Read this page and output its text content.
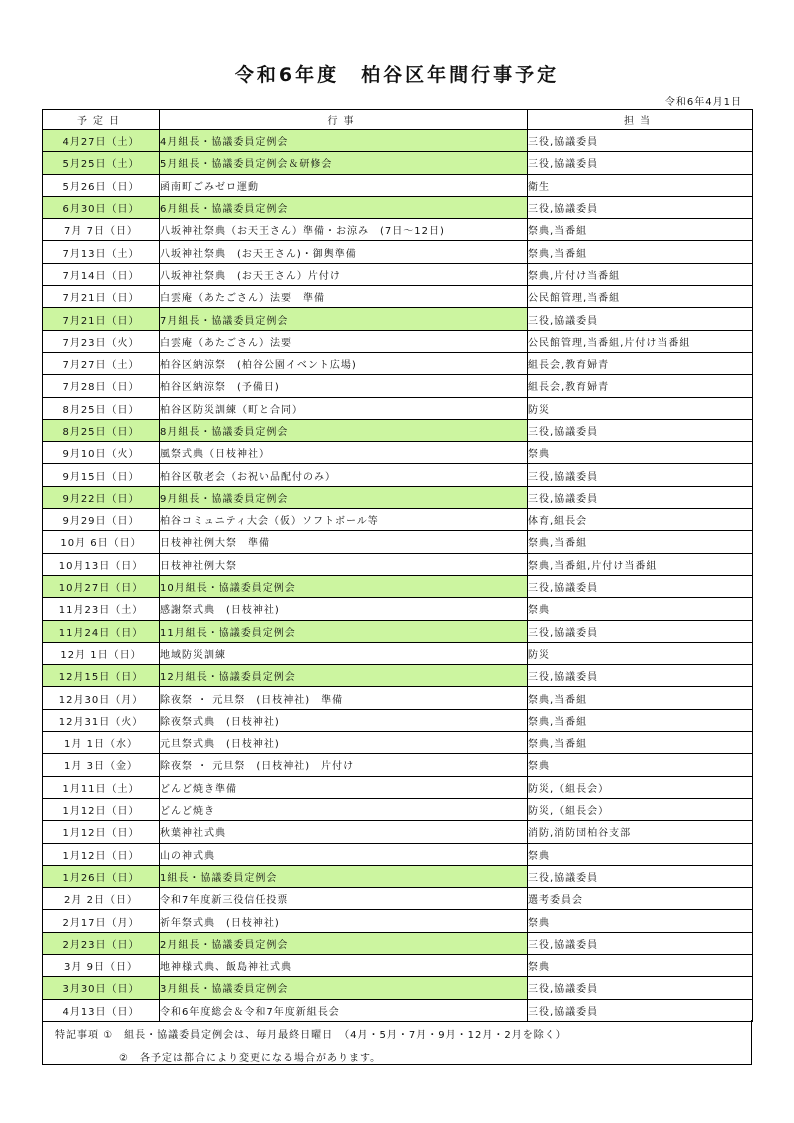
令和6年度　柏谷区年間行事予定
令和6年4月1日
予定日	行事	担当
4月27日（土）	4月組長・協議委員定例会	三役,協議委員
5月25日（土）	5月組長・協議委員定例会＆研修会	三役,協議委員
5月26日（日）	函南町ごみゼロ運動	衛生
6月30日（日）	6月組長・協議委員定例会	三役,協議委員
7月 7日（日）	八坂神社祭典（お天王さん）準備・お涼み　(7日～12日)	祭典,当番組
7月13日（土）	八坂神社祭典　(お天王さん)・御輿準備	祭典,当番組
7月14日（日）	八坂神社祭典　(お天王さん）片付け	祭典,片付け当番組
7月21日（日）	白雲庵（あたごさん）法要　準備	公民館管理,当番組
7月21日（日）	7月組長・協議委員定例会	三役,協議委員
7月23日（火）	白雲庵（あたごさん）法要	公民館管理,当番組,片付け当番組
7月27日（土）	柏谷区納涼祭　(柏谷公園イベント広場)	組長会,教育婦青
7月28日（日）	柏谷区納涼祭　(予備日)	組長会,教育婦青
8月25日（日）	柏谷区防災訓練（町と合同）	防災
8月25日（日）	8月組長・協議委員定例会	三役,協議委員
9月10日（火）	風祭式典（日枝神社）	祭典
9月15日（日）	柏谷区敬老会（お祝い品配付のみ）	三役,協議委員
9月22日（日）	9月組長・協議委員定例会	三役,協議委員
9月29日（日）	柏谷コミュニティ大会（仮）ソフトボール等	体育,組長会
10月 6日（日）	日枝神社例大祭　準備	祭典,当番組
10月13日（日）	日枝神社例大祭	祭典,当番組,片付け当番組
10月27日（日）	10月組長・協議委員定例会	三役,協議委員
11月23日（土）	感謝祭式典　(日枝神社)	祭典
11月24日（日）	11月組長・協議委員定例会	三役,協議委員
12月 1日（日）	地域防災訓練	防災
12月15日（日）	12月組長・協議委員定例会	三役,協議委員
12月30日（月）	除夜祭 ・ 元旦祭　(日枝神社)　準備	祭典,当番組
12月31日（火）	除夜祭式典　(日枝神社)	祭典,当番組
1月 1日（水）	元旦祭式典　(日枝神社)	祭典,当番組
1月 3日（金）	除夜祭 ・ 元旦祭　(日枝神社)　片付け	祭典
1月11日（土）	どんど焼き準備	防災,（組長会）
1月12日（日）	どんど焼き	防災,（組長会）
1月12日（日）	秋葉神社式典	消防,消防団柏谷支部
1月12日（日）	山の神式典	祭典
1月26日（日）	1組長・協議委員定例会	三役,協議委員
2月 2日（日）	令和7年度新三役信任投票	選考委員会
2月17日（月）	祈年祭式典　(日枝神社)	祭典
2月23日（日）	2月組長・協議委員定例会	三役,協議委員
3月 9日（日）	地神様式典、飯島神社式典	祭典
3月30日（日）	3月組長・協議委員定例会	三役,協議委員
4月13日（日）	令和6年度総会＆令和7年度新組長会	三役,協議委員
特記事項 ①　組長・協議委員定例会は、毎月最終日曜日　（4月・5月・7月・9月・12月・2月を除く）
②　各予定は都合により変更になる場合があります。
